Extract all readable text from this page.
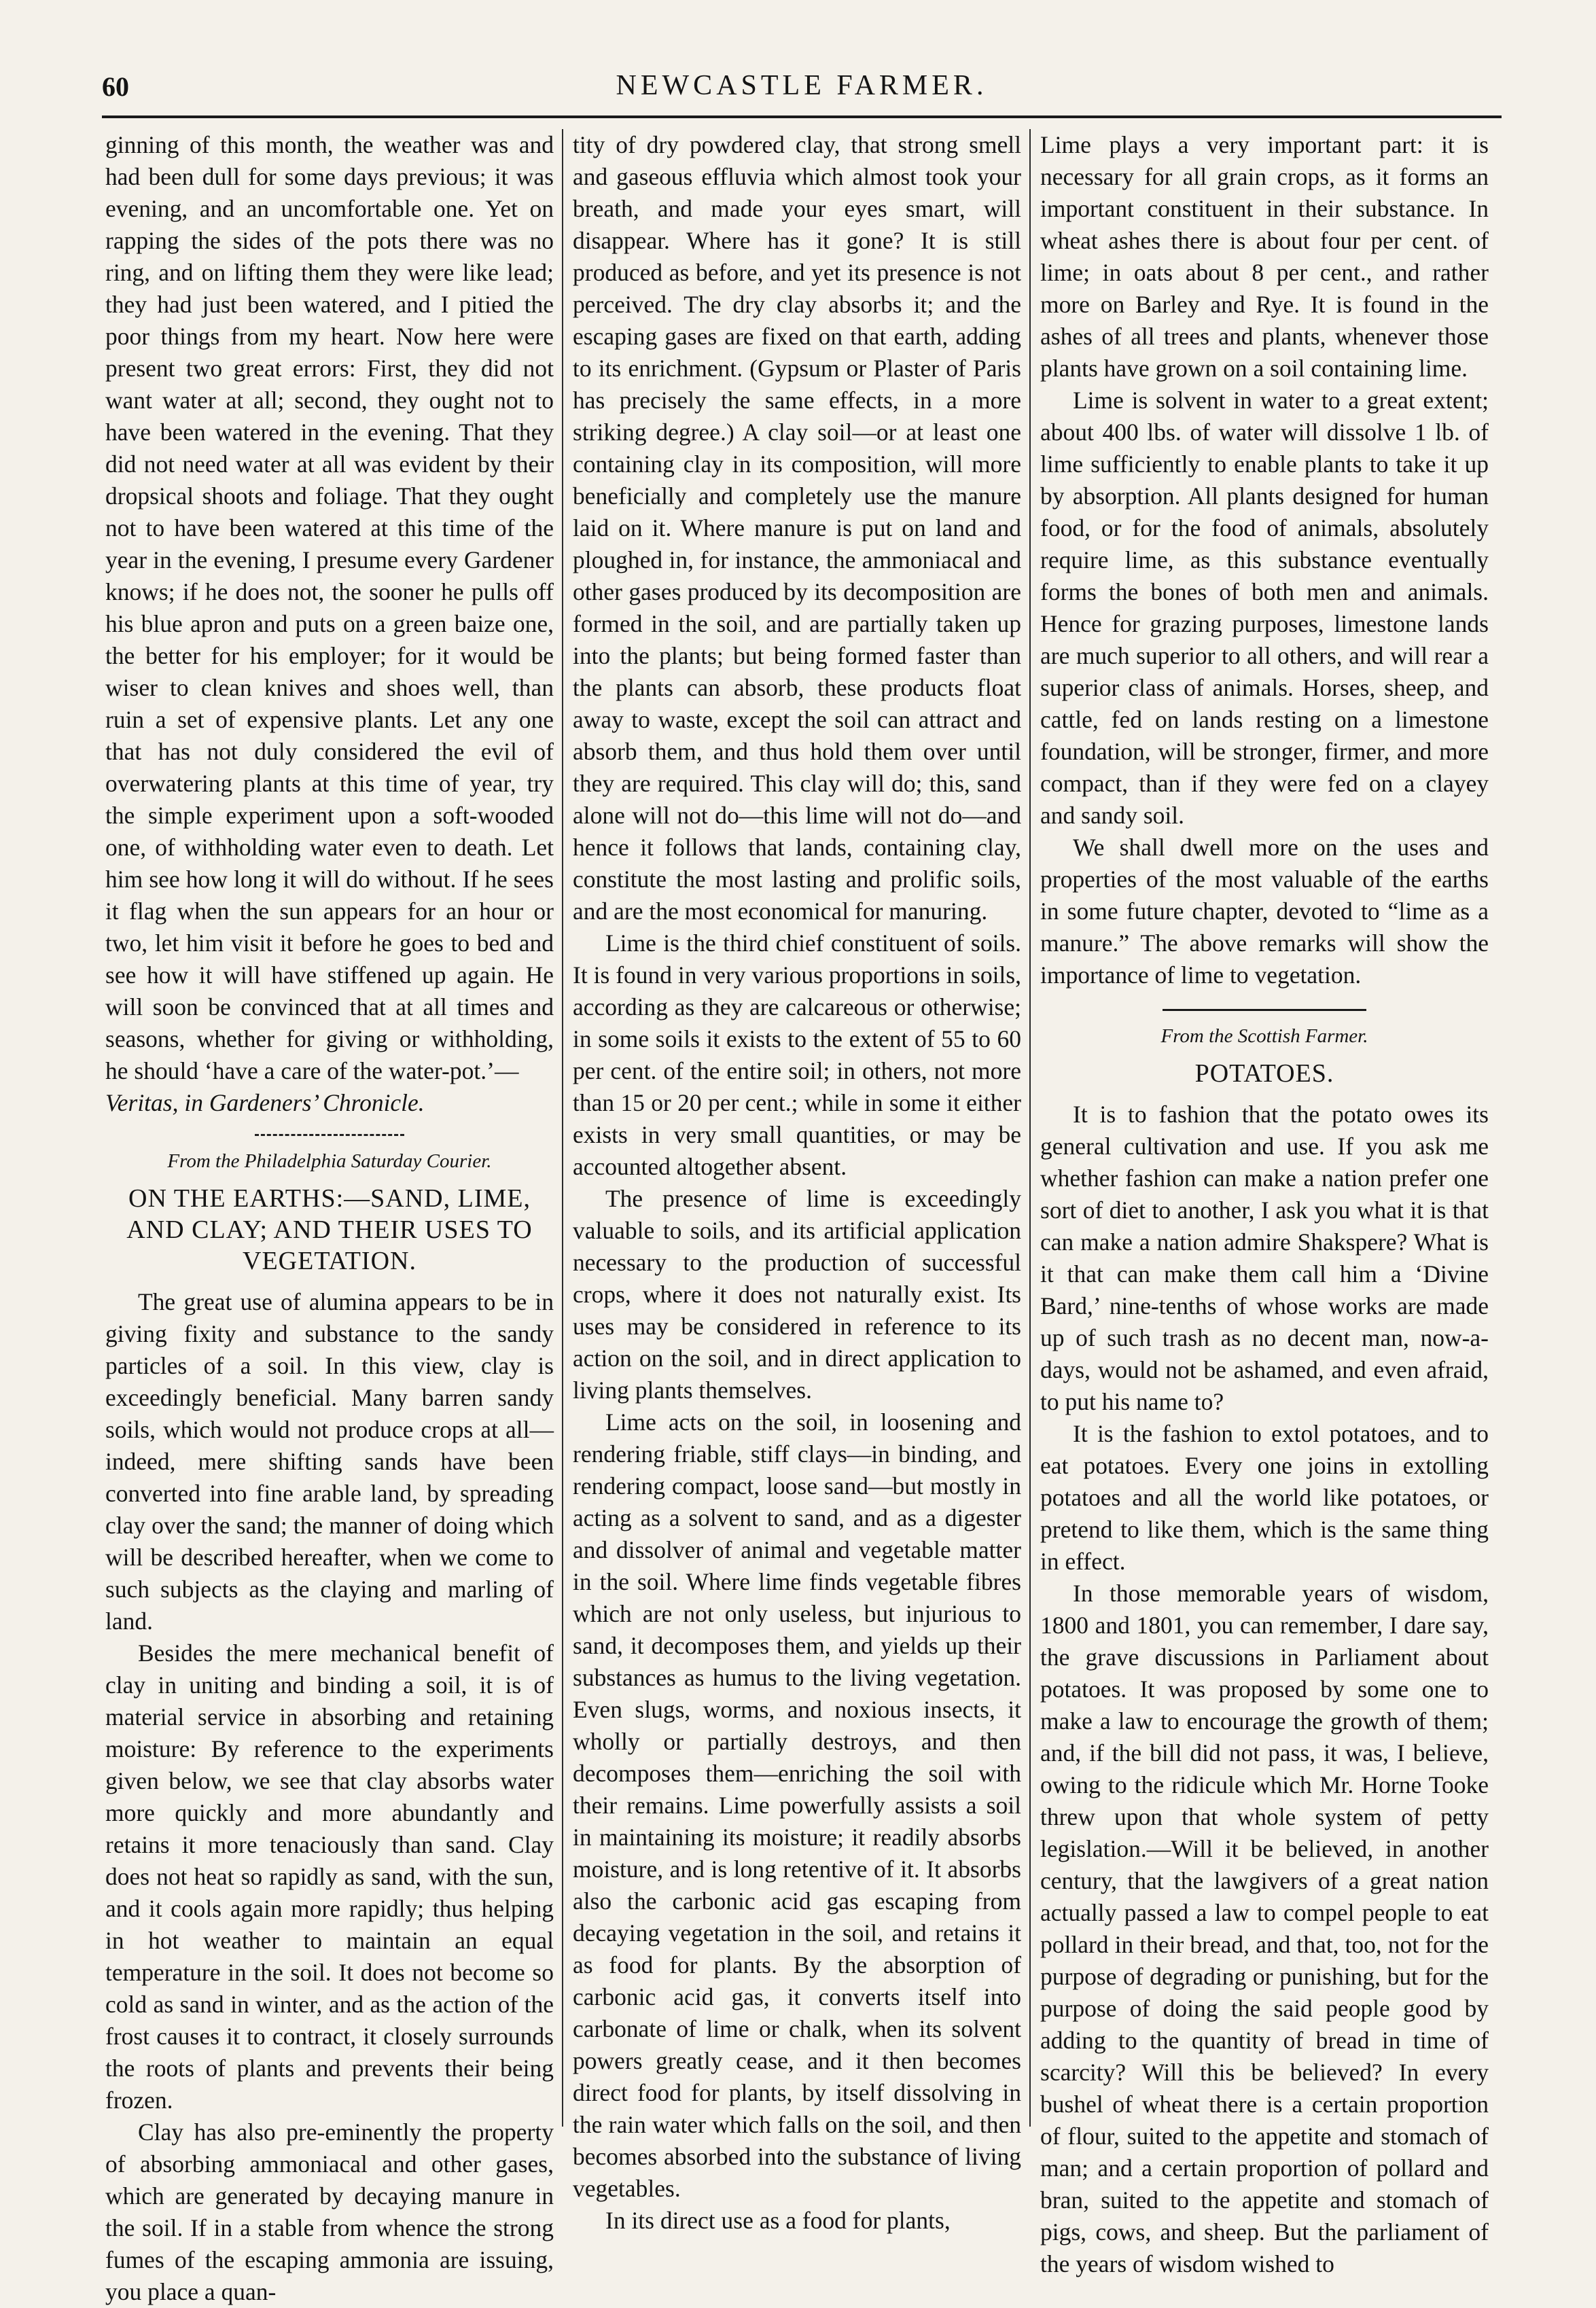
60	NEWCASTLE FARMER.

ginning of this month, the weather was and had been dull for some days previous; it was evening, and an uncomfortable one. Yet on rapping the sides of the pots there was no ring, and on lifting them they were like lead; they had just been watered, and I pitied the poor things from my heart. Now here were present two great errors: First, they did not want water at all; second, they ought not to have been watered in the evening. That they did not need water at all was evident by their dropsical shoots and foliage. That they ought not to have been watered at this time of the year in the evening, I presume every Gardener knows; if he does not, the sooner he pulls off his blue apron and puts on a green baize one, the better for his employer; for it would be wiser to clean knives and shoes well, than ruin a set of expensive plants. Let any one that has not duly considered the evil of overwatering plants at this time of year, try the simple experiment upon a soft-wooded one, of withholding water even to death. Let him see how long it will do without. If he sees it flag when the sun appears for an hour or two, let him visit it before he goes to bed and see how it will have stiffened up again. He will soon be convinced that at all times and seasons, whether for giving or withholding, he should ‘have a care of the water-pot.’—

Veritas, in Gardeners’ Chronicle.

From the Philadelphia Saturday Courier.

ON THE EARTHS:—SAND, LIME, AND CLAY; AND THEIR USES TO VEGETATION.

The great use of alumina appears to be in giving fixity and substance to the sandy particles of a soil. In this view, clay is exceedingly beneficial. Many barren sandy soils, which would not produce crops at all—indeed, mere shifting sands have been converted into fine arable land, by spreading clay over the sand; the manner of doing which will be described hereafter, when we come to such subjects as the claying and marling of land.

Besides the mere mechanical benefit of clay in uniting and binding a soil, it is of material service in absorbing and retaining moisture: By reference to the experiments given below, we see that clay absorbs water more quickly and more abundantly and retains it more tenaciously than sand. Clay does not heat so rapidly as sand, with the sun, and it cools again more rapidly; thus helping in hot weather to maintain an equal temperature in the soil. It does not become so cold as sand in winter, and as the action of the frost causes it to contract, it closely surrounds the roots of plants and prevents their being frozen.

Clay has also pre-eminently the property of absorbing ammoniacal and other gases, which are generated by decaying manure in the soil. If in a stable from whence the strong fumes of the escaping ammonia are issuing, you place a quan-

tity of dry powdered clay, that strong smell and gaseous effluvia which almost took your breath, and made your eyes smart, will disappear. Where has it gone? It is still produced as before, and yet its presence is not perceived. The dry clay absorbs it; and the escaping gases are fixed on that earth, adding to its enrichment. (Gypsum or Plaster of Paris has precisely the same effects, in a more striking degree.) A clay soil—or at least one containing clay in its composition, will more beneficially and completely use the manure laid on it. Where manure is put on land and ploughed in, for instance, the ammoniacal and other gases produced by its decomposition are formed in the soil, and are partially taken up into the plants; but being formed faster than the plants can absorb, these products float away to waste, except the soil can attract and absorb them, and thus hold them over until they are required. This clay will do; this, sand alone will not do—this lime will not do—and hence it follows that lands, containing clay, constitute the most lasting and prolific soils, and are the most economical for manuring.

Lime is the third chief constituent of soils. It is found in very various proportions in soils, according as they are calcareous or otherwise; in some soils it exists to the extent of 55 to 60 per cent. of the entire soil; in others, not more than 15 or 20 per cent.; while in some it either exists in very small quantities, or may be accounted altogether absent.

The presence of lime is exceedingly valuable to soils, and its artificial application necessary to the production of successful crops, where it does not naturally exist. Its uses may be considered in reference to its action on the soil, and in direct application to living plants themselves.

Lime acts on the soil, in loosening and rendering friable, stiff clays—in binding, and rendering compact, loose sand—but mostly in acting as a solvent to sand, and as a digester and dissolver of animal and vegetable matter in the soil. Where lime finds vegetable fibres which are not only useless, but injurious to sand, it decomposes them, and yields up their substances as humus to the living vegetation. Even slugs, worms, and noxious insects, it wholly or partially destroys, and then decomposes them—enriching the soil with their remains. Lime powerfully assists a soil in maintaining its moisture; it readily absorbs moisture, and is long retentive of it. It absorbs also the carbonic acid gas escaping from decaying vegetation in the soil, and retains it as food for plants. By the absorption of carbonic acid gas, it converts itself into carbonate of lime or chalk, when its solvent powers greatly cease, and it then becomes direct food for plants, by itself dissolving in the rain water which falls on the soil, and then becomes absorbed into the substance of living vegetables.

In its direct use as a food for plants,

Lime plays a very important part: it is necessary for all grain crops, as it forms an important constituent in their substance. In wheat ashes there is about four per cent. of lime; in oats about 8 per cent., and rather more on Barley and Rye. It is found in the ashes of all trees and plants, whenever those plants have grown on a soil containing lime.

Lime is solvent in water to a great extent; about 400 lbs. of water will dissolve 1 lb. of lime sufficiently to enable plants to take it up by absorption. All plants designed for human food, or for the food of animals, absolutely require lime, as this substance eventually forms the bones of both men and animals. Hence for grazing purposes, limestone lands are much superior to all others, and will rear a superior class of animals. Horses, sheep, and cattle, fed on lands resting on a limestone foundation, will be stronger, firmer, and more compact, than if they were fed on a clayey and sandy soil.

We shall dwell more on the uses and properties of the most valuable of the earths in some future chapter, devoted to “lime as a manure.” The above remarks will show the importance of lime to vegetation.

From the Scottish Farmer.

POTATOES.

It is to fashion that the potato owes its general cultivation and use. If you ask me whether fashion can make a nation prefer one sort of diet to another, I ask you what it is that can make a nation admire Shakspere? What is it that can make them call him a ‘Divine Bard,’ nine-tenths of whose works are made up of such trash as no decent man, now-a-days, would not be ashamed, and even afraid, to put his name to?

It is the fashion to extol potatoes, and to eat potatoes. Every one joins in extolling potatoes and all the world like potatoes, or pretend to like them, which is the same thing in effect.

In those memorable years of wisdom, 1800 and 1801, you can remember, I dare say, the grave discussions in Parliament about potatoes. It was proposed by some one to make a law to encourage the growth of them; and, if the bill did not pass, it was, I believe, owing to the ridicule which Mr. Horne Tooke threw upon that whole system of petty legislation.—Will it be believed, in another century, that the lawgivers of a great nation actually passed a law to compel people to eat pollard in their bread, and that, too, not for the purpose of degrading or punishing, but for the purpose of doing the said people good by adding to the quantity of bread in time of scarcity? Will this be believed? In every bushel of wheat there is a certain proportion of flour, suited to the appetite and stomach of man; and a certain proportion of pollard and bran, suited to the appetite and stomach of pigs, cows, and sheep. But the parliament of the years of wisdom wished to
